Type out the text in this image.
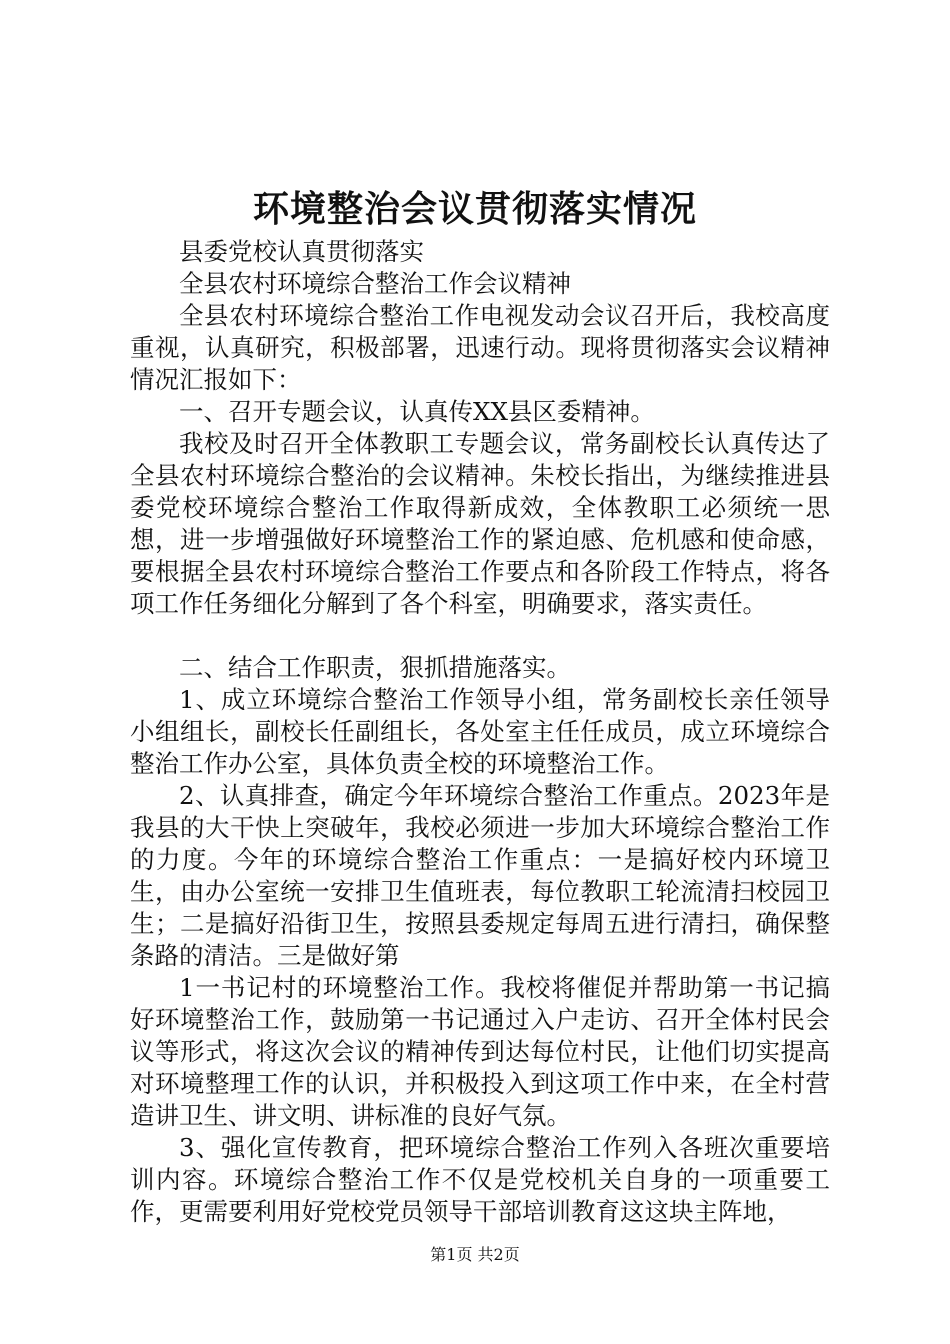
环境整治会议贯彻落实情况

县委党校认真贯彻落实

全县农村环境综合整治工作会议精神

全县农村环境综合整治工作电视发动会议召开后，我校高度重视，认真研究，积极部署，迅速行动。现将贯彻落实会议精神情况汇报如下：

一、召开专题会议，认真传XX县区委精神。

我校及时召开全体教职工专题会议，常务副校长认真传达了全县农村环境综合整治的会议精神。朱校长指出，为继续推进县委党校环境综合整治工作取得新成效，全体教职工必须统一思想，进一步增强做好环境整治工作的紧迫感、危机感和使命感，要根据全县农村环境综合整治工作要点和各阶段工作特点，将各项工作任务细化分解到了各个科室，明确要求，落实责任。

二、结合工作职责，狠抓措施落实。

1、成立环境综合整治工作领导小组，常务副校长亲任领导小组组长，副校长任副组长，各处室主任任成员，成立环境综合整治工作办公室，具体负责全校的环境整治工作。

2、认真排查，确定今年环境综合整治工作重点。2023年是我县的大干快上突破年，我校必须进一步加大环境综合整治工作的力度。今年的环境综合整治工作重点：一是搞好校内环境卫生，由办公室统一安排卫生值班表，每位教职工轮流清扫校园卫生；二是搞好沿街卫生，按照县委规定每周五进行清扫，确保整条路的清洁。三是做好第

1一书记村的环境整治工作。我校将催促并帮助第一书记搞好环境整治工作，鼓励第一书记通过入户走访、召开全体村民会议等形式，将这次会议的精神传到达每位村民，让他们切实提高对环境整理工作的认识，并积极投入到这项工作中来，在全村营造讲卫生、讲文明、讲标准的良好气氛。

3、强化宣传教育，把环境综合整治工作列入各班次重要培训内容。环境综合整治工作不仅是党校机关自身的一项重要工作，更需要利用好党校党员领导干部培训教育这这块主阵地，

第1页 共2页
